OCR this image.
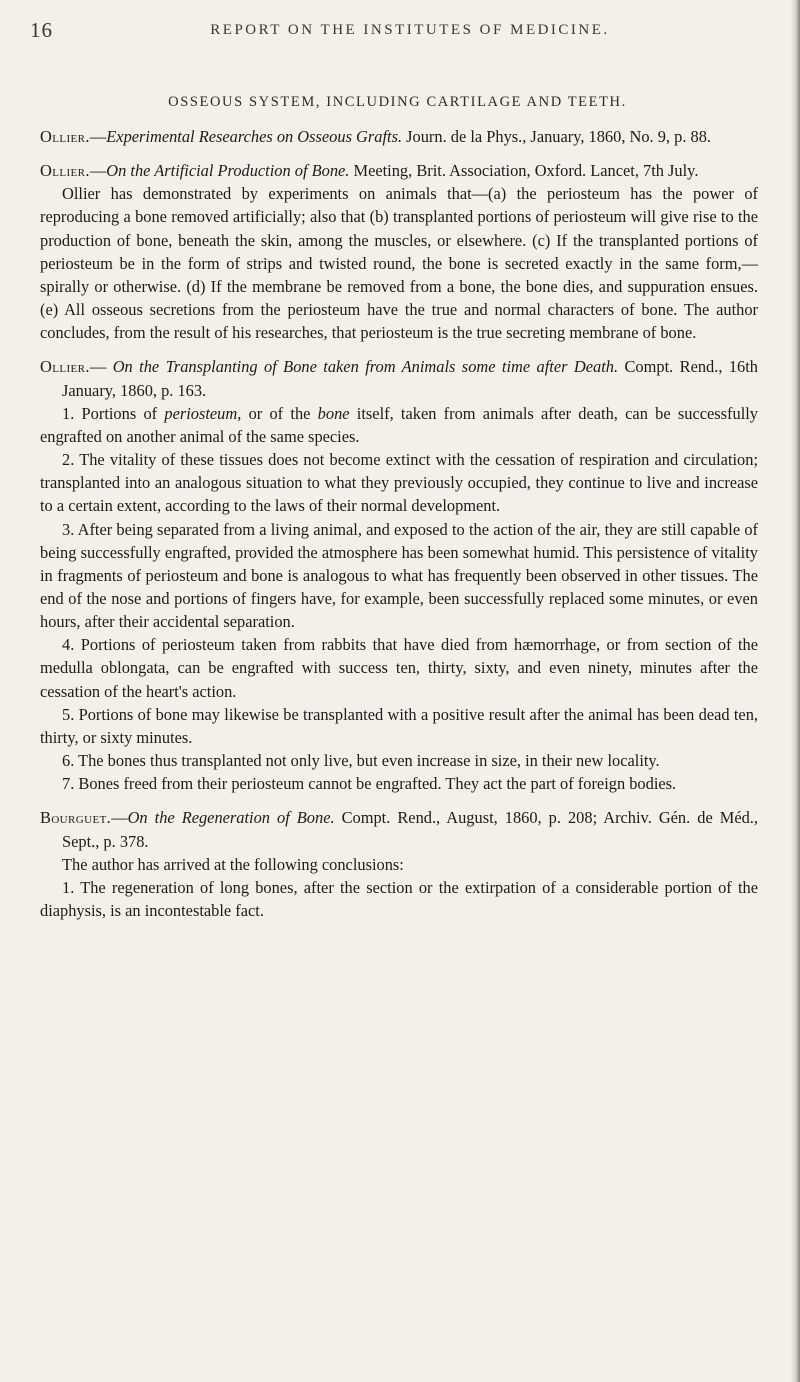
16	REPORT ON THE INSTITUTES OF MEDICINE.
OSSEOUS SYSTEM, INCLUDING CARTILAGE AND TEETH.

Ollier.—Experimental Researches on Osseous Grafts. Journ. de la Phys., January, 1860, No. 9, p. 88.

Ollier.—On the Artificial Production of Bone. Meeting, Brit. Association, Oxford. Lancet, 7th July.

Ollier has demonstrated by experiments on animals that—(a) the periosteum has the power of reproducing a bone removed artificially; also that (b) transplanted portions of periosteum will give rise to the production of bone, beneath the skin, among the muscles, or elsewhere. (c) If the transplanted portions of periosteum be in the form of strips and twisted round, the bone is secreted exactly in the same form,— spirally or otherwise. (d) If the membrane be removed from a bone, the bone dies, and suppuration ensues. (e) All osseous secretions from the periosteum have the true and normal characters of bone. The author concludes, from the result of his researches, that periosteum is the true secreting membrane of bone.

Ollier.— On the Transplanting of Bone taken from Animals some time after Death. Compt. Rend., 16th January, 1860, p. 163.

1. Portions of periosteum, or of the bone itself, taken from animals after death, can be successfully engrafted on another animal of the same species.

2. The vitality of these tissues does not become extinct with the cessation of respiration and circulation; transplanted into an analogous situation to what they previously occupied, they continue to live and increase to a certain extent, according to the laws of their normal development.

3. After being separated from a living animal, and exposed to the action of the air, they are still capable of being successfully engrafted, provided the atmosphere has been somewhat humid. This persistence of vitality in fragments of periosteum and bone is analogous to what has frequently been observed in other tissues. The end of the nose and portions of fingers have, for example, been successfully replaced some minutes, or even hours, after their accidental separation.

4. Portions of periosteum taken from rabbits that have died from hæmorrhage, or from section of the medulla oblongata, can be engrafted with success ten, thirty, sixty, and even ninety, minutes after the cessation of the heart's action.

5. Portions of bone may likewise be transplanted with a positive result after the animal has been dead ten, thirty, or sixty minutes.

6. The bones thus transplanted not only live, but even increase in size, in their new locality.

7. Bones freed from their periosteum cannot be engrafted. They act the part of foreign bodies.

Bourguet.—On the Regeneration of Bone. Compt. Rend., August, 1860, p. 208; Archiv. Gén. de Méd., Sept., p. 378.

The author has arrived at the following conclusions:

1. The regeneration of long bones, after the section or the extirpation of a considerable portion of the diaphysis, is an incontestable fact.
